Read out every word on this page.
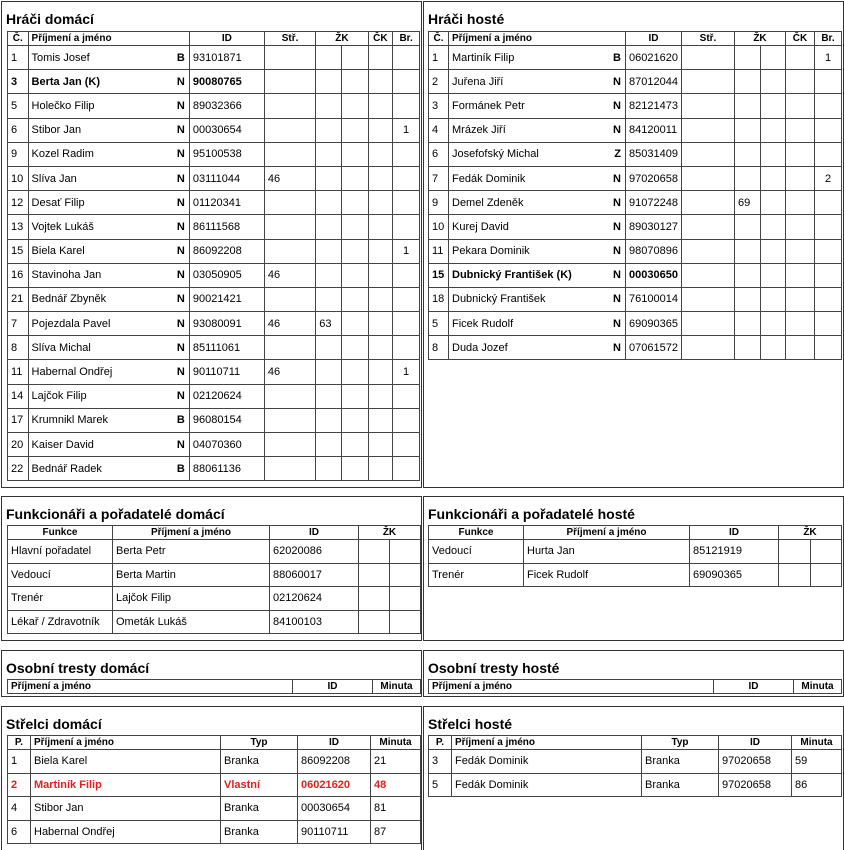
Hráči domácí
Č.	Příjmení a jméno	ID	Stř.	ŽK		ČK	Br.
1	Tomis Josef B	93101871					
3	Berta Jan (K) N	90080765					
5	Holečko Filip N	89032366					
6	Stibor Jan N	00030654					1
9	Kozel Radim N	95100538					
10	Slíva Jan N	03111044	46				
12	Desať Filip N	01120341					
13	Vojtek Lukáš N	86111568					
15	Biela Karel N	86092208					1
16	Stavinoha Jan N	03050905	46				
21	Bednář Zbyněk N	90021421					
7	Pojezdala Pavel N	93080091	46	63			
8	Slíva Michal N	85111061					
11	Habernal Ondřej N	90110711	46				1
14	Lajčok Filip N	02120624					
17	Krumnikl Marek B	96080154					
20	Kaiser David N	04070360					
22	Bednář Radek B	88061136					
Hráči hosté
Č.	Příjmení a jméno	ID	Stř.	ŽK		ČK	Br.
1	Martiník Filip B	06021620					1
2	Juřena Jiří N	87012044					
3	Formánek Petr N	82121473					
4	Mrázek Jiří N	84120011					
6	Josefofský Michal Z	85031409					
7	Fedák Dominik N	97020658					2
9	Demel Zdeněk N	91072248		69			
10	Kurej David N	89030127					
11	Pekara Dominik N	98070896					
15	Dubnický František (K) N	00030650					
18	Dubnický František N	76100014					
5	Ficek Rudolf N	69090365					
8	Duda Jozef N	07061572					
Funkcionáři a pořadatelé domácí
Funkce	Příjmení a jméno	ID	ŽK	
Hlavní pořadatel	Berta Petr	62020086		
Vedoucí	Berta Martin	88060017		
Trenér	Lajčok Filip	02120624		
Lékař / Zdravotník	Ometák Lukáš	84100103		
Funkcionáři a pořadatelé hosté
Funkce	Příjmení a jméno	ID	ŽK	
Vedoucí	Hurta Jan	85121919		
Trenér	Ficek Rudolf	69090365		
Osobní tresty domácí
Příjmení a jméno	ID	Minuta
Osobní tresty hosté
Příjmení a jméno	ID	Minuta
Střelci domácí
P.	Příjmení a jméno	Typ	ID	Minuta
1	Biela Karel	Branka	86092208	21
2	Martiník Filip	Vlastní	06021620	48
4	Stibor Jan	Branka	00030654	81
6	Habernal Ondřej	Branka	90110711	87
Střelci hosté
P.	Příjmení a jméno	Typ	ID	Minuta
3	Fedák Dominik	Branka	97020658	59
5	Fedák Dominik	Branka	97020658	86
